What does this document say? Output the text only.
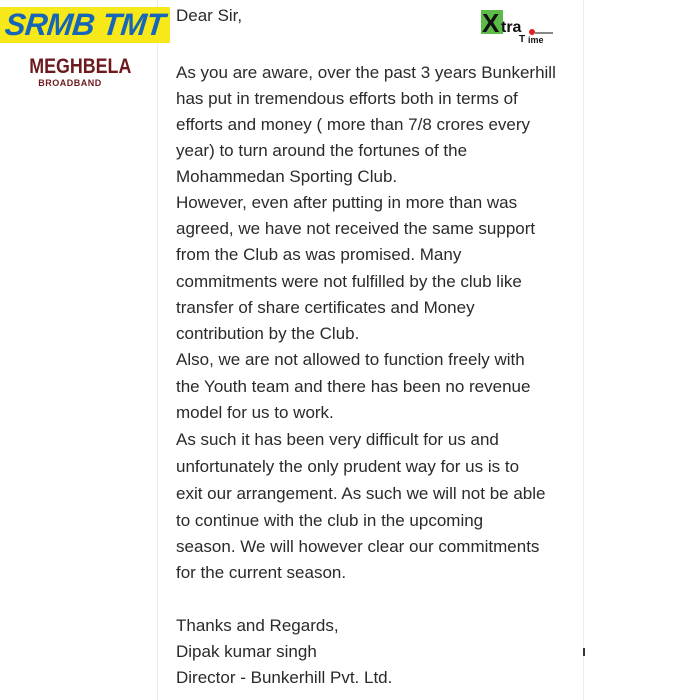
SRMB TMT
MEGHBELA
BROADBAND
X tra
T ime
Dear Sir,
As you are aware, over the past 3 years Bunkerhill
has put in tremendous efforts both in terms of
efforts and money ( more than 7/8 crores every
year) to turn around the fortunes of the
Mohammedan Sporting Club.
However, even after putting in more than was
agreed, we have not received the same support
from the Club as was promised. Many
commitments were not fulfilled by the club like
transfer of share certificates and Money
contribution by the Club.
Also, we are not allowed to function freely with
the Youth team and there has been no revenue
model for us to work.
As such it has been very difficult for us and
unfortunately the only prudent way for us is to
exit our arrangement. As such we will not be able
to continue with the club in the upcoming
season. We will however clear our commitments
for the current season.
Thanks and Regards,
Dipak kumar singh
Director - Bunkerhill Pvt. Ltd.
